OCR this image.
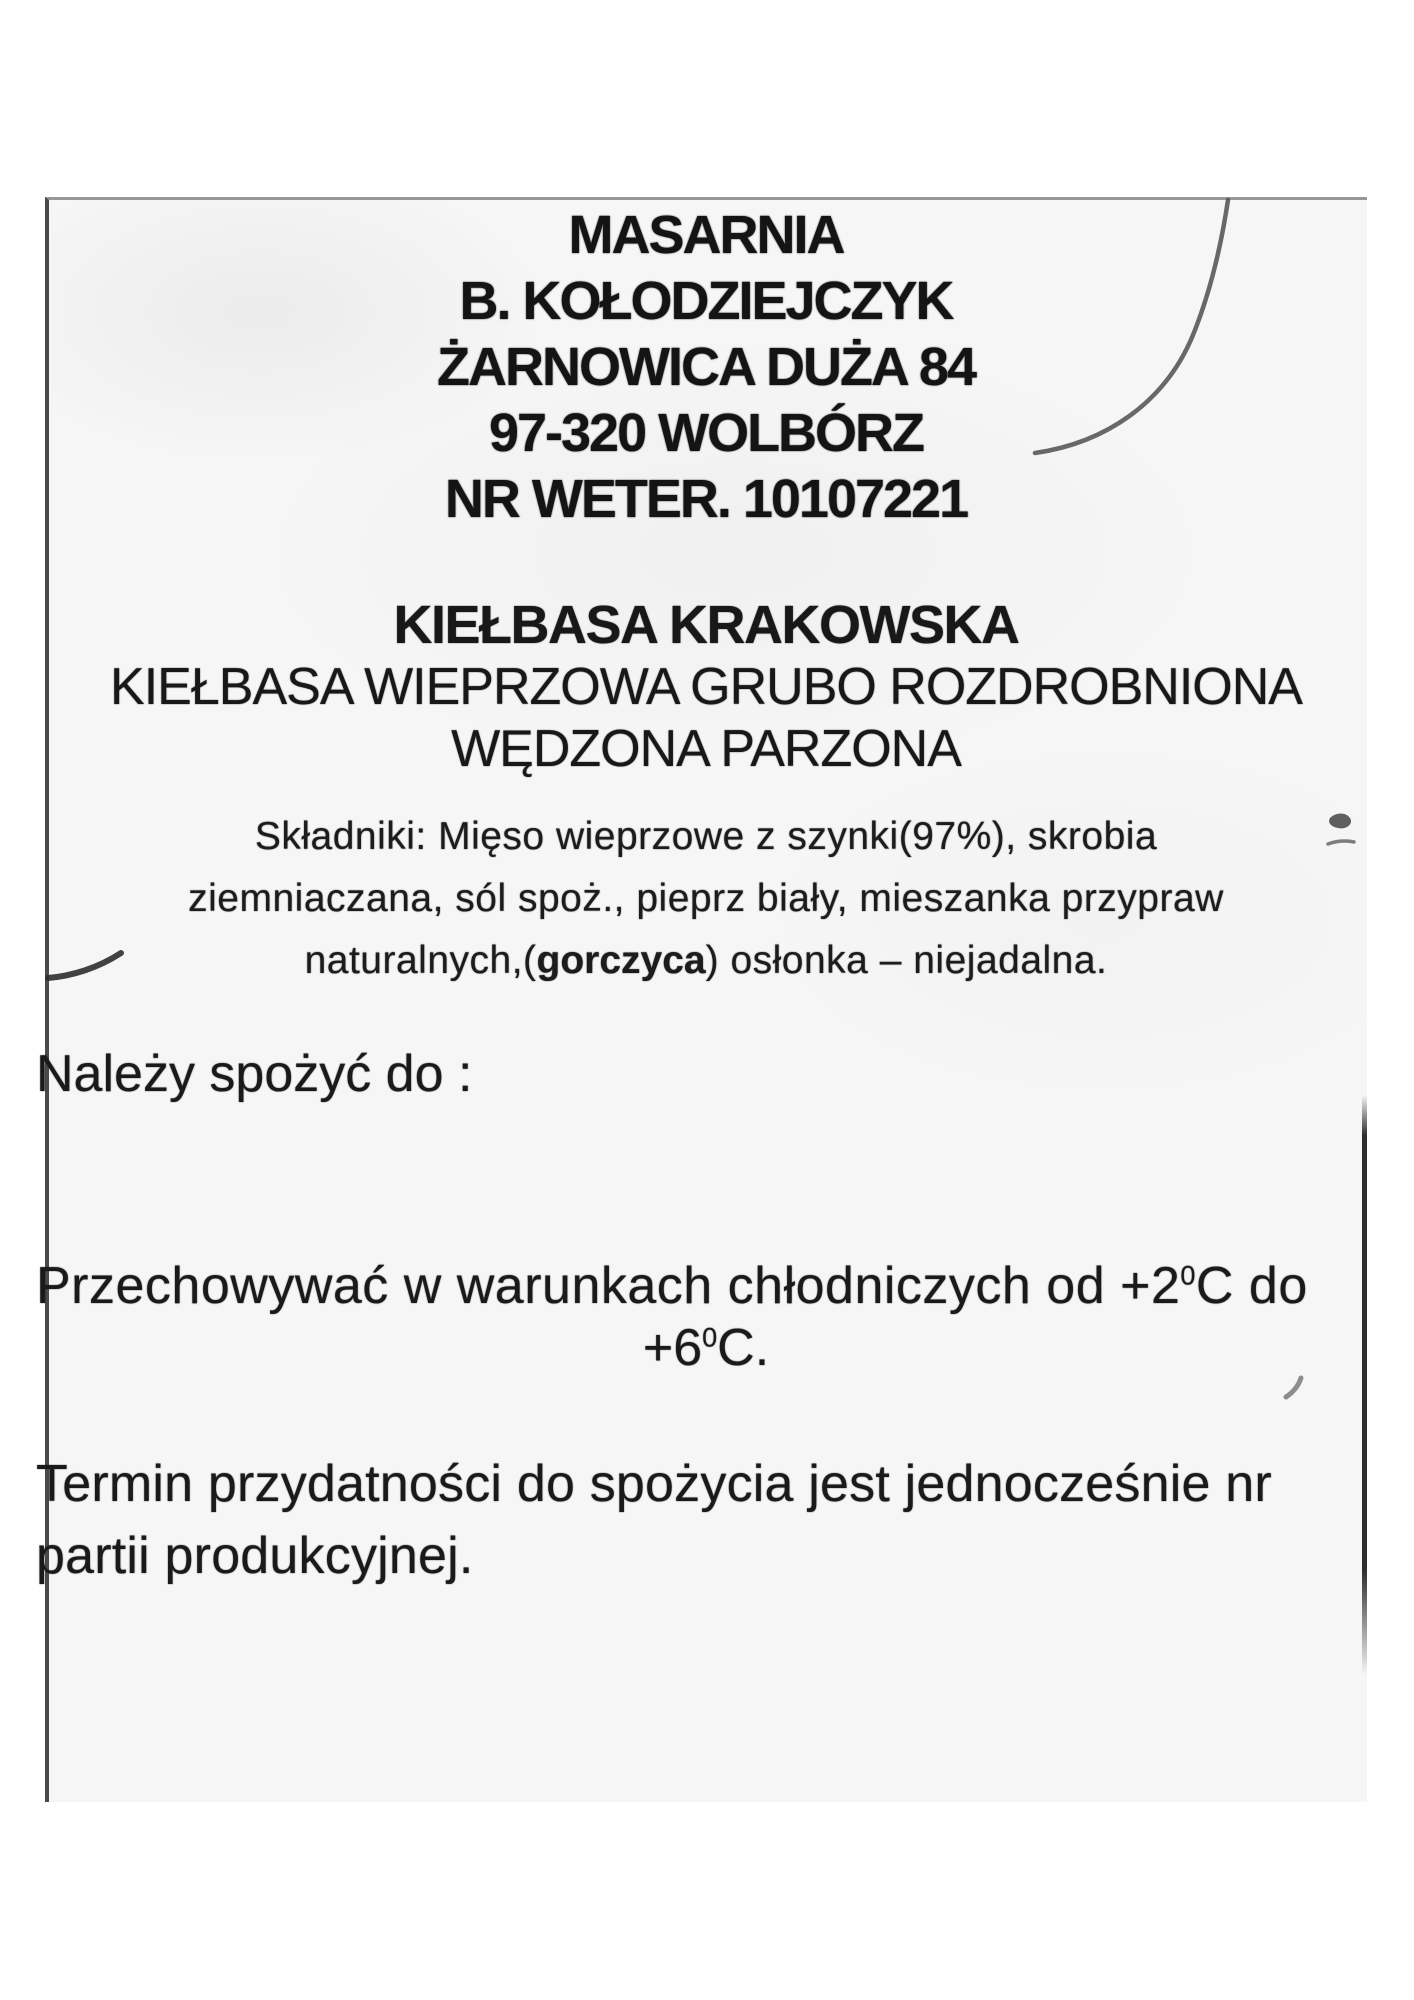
MASARNIA
B. KOŁODZIEJCZYK
ŻARNOWICA DUŻA 84
97-320 WOLBÓRZ
NR WETER. 10107221
KIEŁBASA KRAKOWSKA
KIEŁBASA WIEPRZOWA GRUBO ROZDROBNIONA
WĘDZONA PARZONA
Składniki: Mięso wieprzowe z szynki(97%), skrobia
ziemniaczana, sól spoż., pieprz biały, mieszanka przypraw
naturalnych,(gorczyca) osłonka – niejadalna.
Należy spożyć do :
Przechowywać w warunkach chłodniczych od $+2^0C$ do
$+6^0C$.
Termin przydatności do spożycia jest jednocześnie nr
partii produkcyjnej.
